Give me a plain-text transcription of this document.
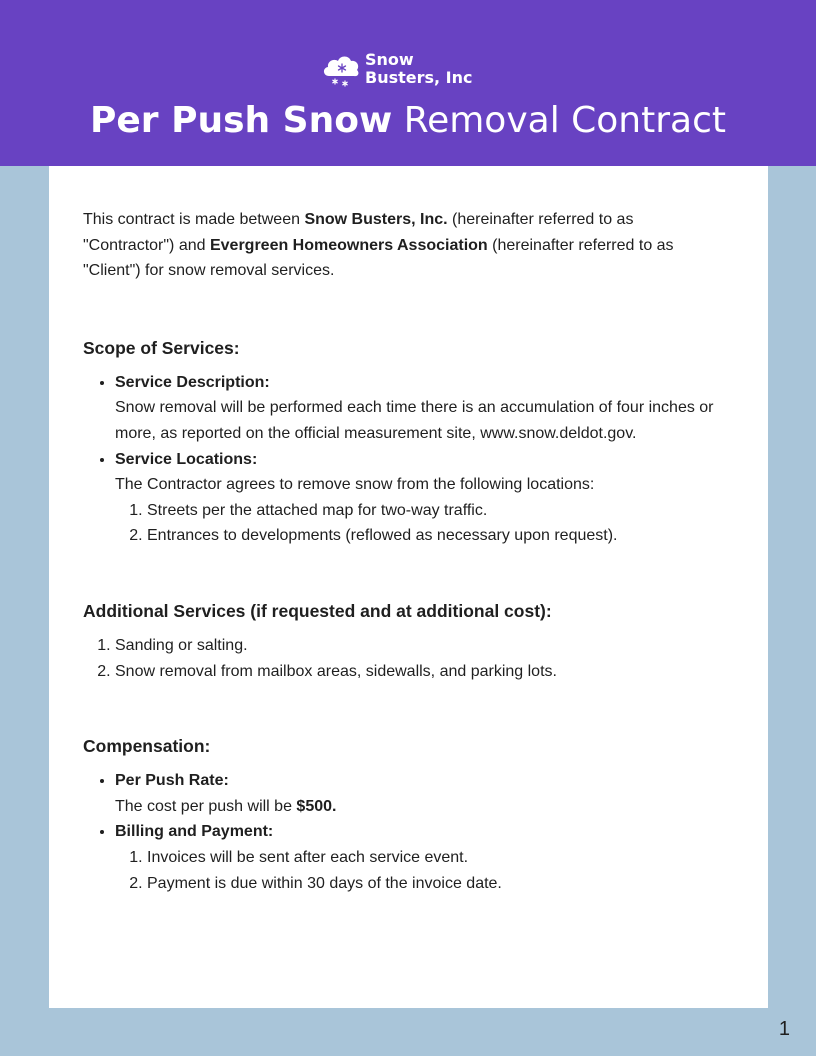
Snow
Busters, Inc
Per Push Snow Removal Contract

This contract is made between Snow Busters, Inc. (hereinafter referred to as "Contractor") and Evergreen Homeowners Association (hereinafter referred to as "Client") for snow removal services.

Scope of Services:
• Service Description:
Snow removal will be performed each time there is an accumulation of four inches or more, as reported on the official measurement site, www.snow.deldot.gov.
• Service Locations:
The Contractor agrees to remove snow from the following locations:
1. Streets per the attached map for two-way traffic.
2. Entrances to developments (reflowed as necessary upon request).
Additional Services (if requested and at additional cost):
1. Sanding or salting.
2. Snow removal from mailbox areas, sidewalls, and parking lots.
Compensation:
• Per Push Rate:
The cost per push will be $500.
• Billing and Payment:
1. Invoices will be sent after each service event.
2. Payment is due within 30 days of the invoice date.
1
